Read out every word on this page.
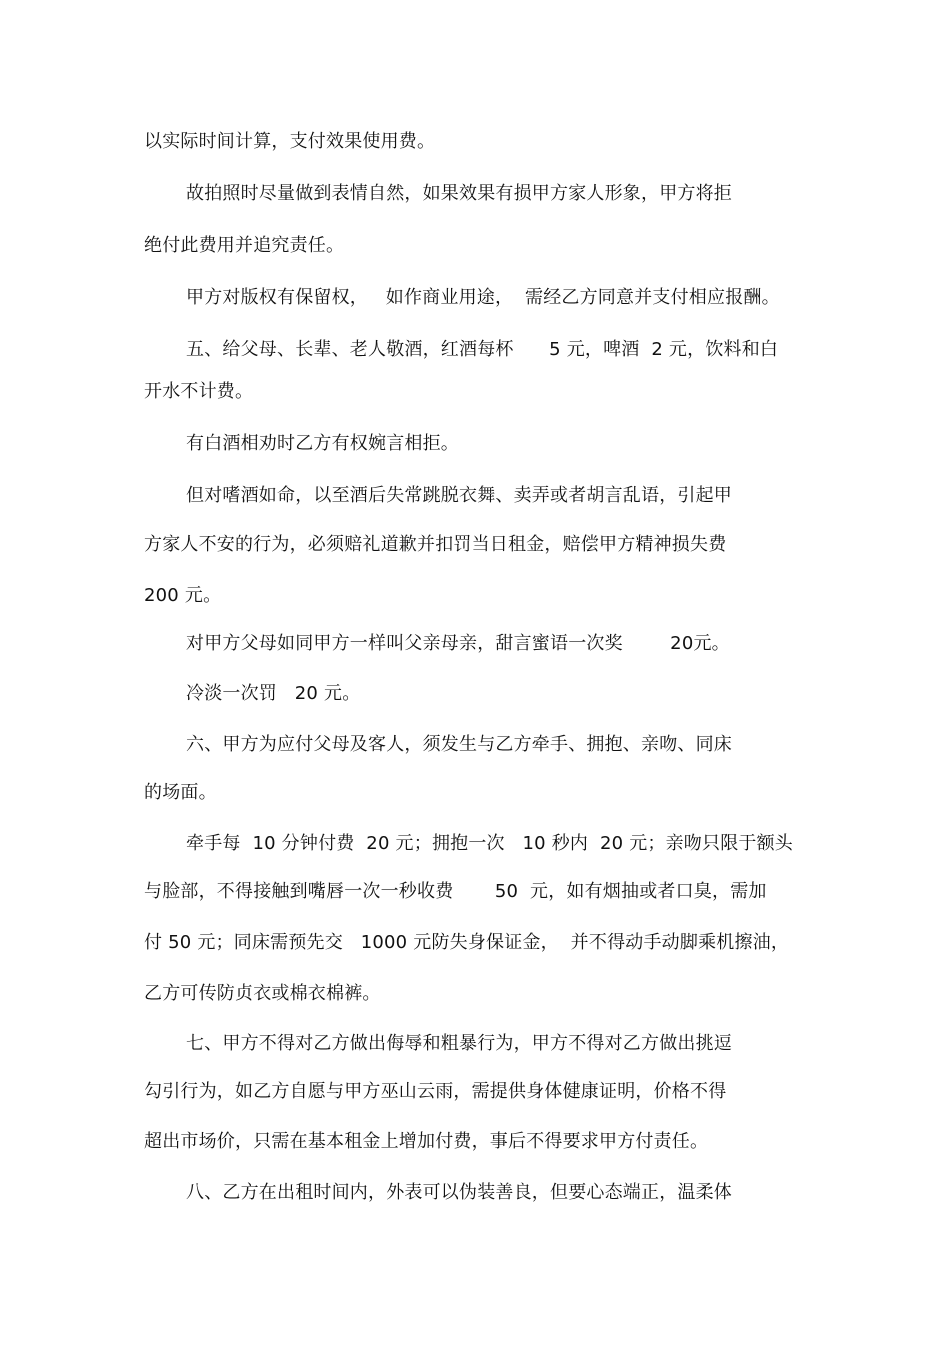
以实际时间计算，支付效果使用费。
故拍照时尽量做到表情自然，如果效果有损甲方家人形象，甲方将拒
绝付此费用并追究责任。
甲方对版权有保留权，   如作商业用途，  需经乙方同意并支付相应报酬。
五、给父母、长辈、老人敬酒，红酒每杯      5 元，啤酒  2 元，饮料和白
开水不计费。
有白酒相劝时乙方有权婉言相拒。
但对嗜酒如命，以至酒后失常跳脱衣舞、卖弄或者胡言乱语，引起甲
方家人不安的行为，必须赔礼道歉并扣罚当日租金，赔偿甲方精神损失费
200 元。
对甲方父母如同甲方一样叫父亲母亲，甜言蜜语一次奖        20元。
冷淡一次罚   20 元。
六、甲方为应付父母及客人，须发生与乙方牵手、拥抱、亲吻、同床
的场面。
牵手每  10 分钟付费  20 元；拥抱一次   10 秒内  20 元；亲吻只限于额头
与脸部，不得接触到嘴唇一次一秒收费       50  元，如有烟抽或者口臭，需加
付 50 元；同床需预先交   1000 元防失身保证金，  并不得动手动脚乘机擦油，
乙方可传防贞衣或棉衣棉裤。
七、甲方不得对乙方做出侮辱和粗暴行为，甲方不得对乙方做出挑逗
勾引行为，如乙方自愿与甲方巫山云雨，需提供身体健康证明，价格不得
超出市场价，只需在基本租金上增加付费，事后不得要求甲方付责任。
八、乙方在出租时间内，外表可以伪装善良，但要心态端正，温柔体
